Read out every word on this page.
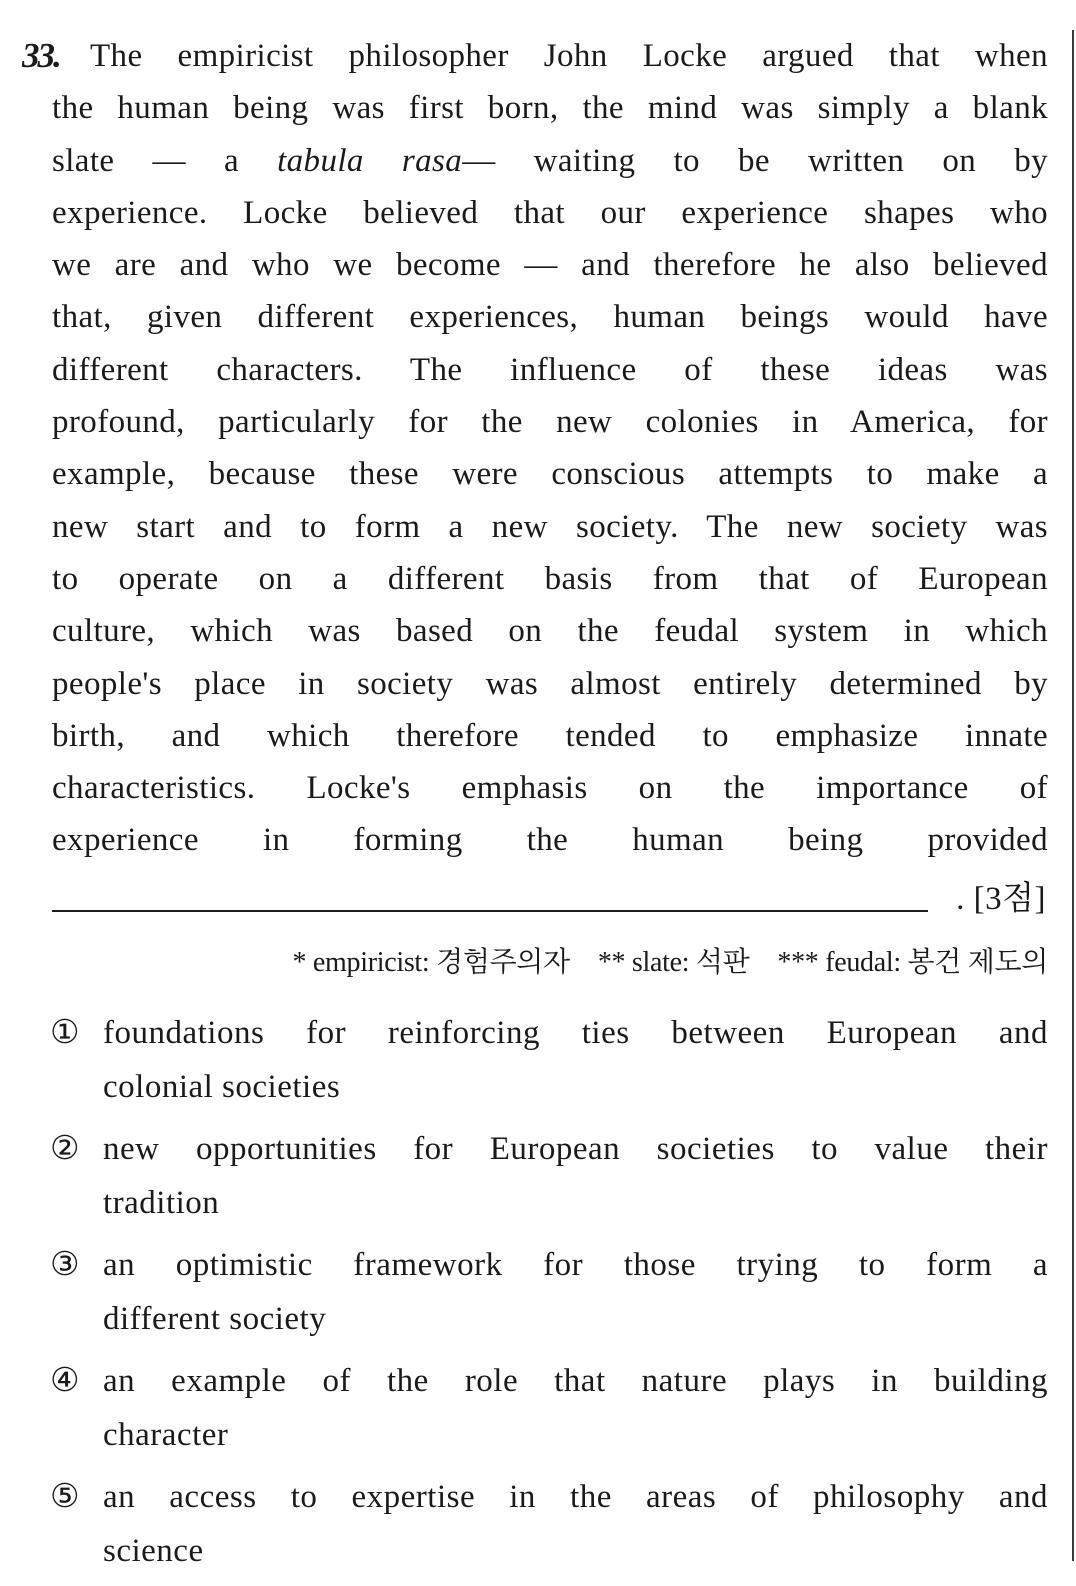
33. The empiricist philosopher John Locke argued that when
the human being was first born, the mind was simply a blank
slate — a tabula rasa— waiting to be written on by
experience. Locke believed that our experience shapes who
we are and who we become — and therefore he also believed
that, given different experiences, human beings would have
different characters. The influence of these ideas was
profound, particularly for the new colonies in America, for
example, because these were conscious attempts to make a
new start and to form a new society. The new society was
to operate on a different basis from that of European
culture, which was based on the feudal system in which
people's place in society was almost entirely determined by
birth, and which therefore tended to emphasize innate
characteristics. Locke's emphasis on the importance of
experience in forming the human being provided
. [3점]
* empiricist: 경험주의자 ** slate: 석판 *** feudal: 봉건 제도의
① foundations for reinforcing ties between European and
colonial societies
② new opportunities for European societies to value their
tradition
③ an optimistic framework for those trying to form a
different society
④ an example of the role that nature plays in building
character
⑤ an access to expertise in the areas of philosophy and
science
